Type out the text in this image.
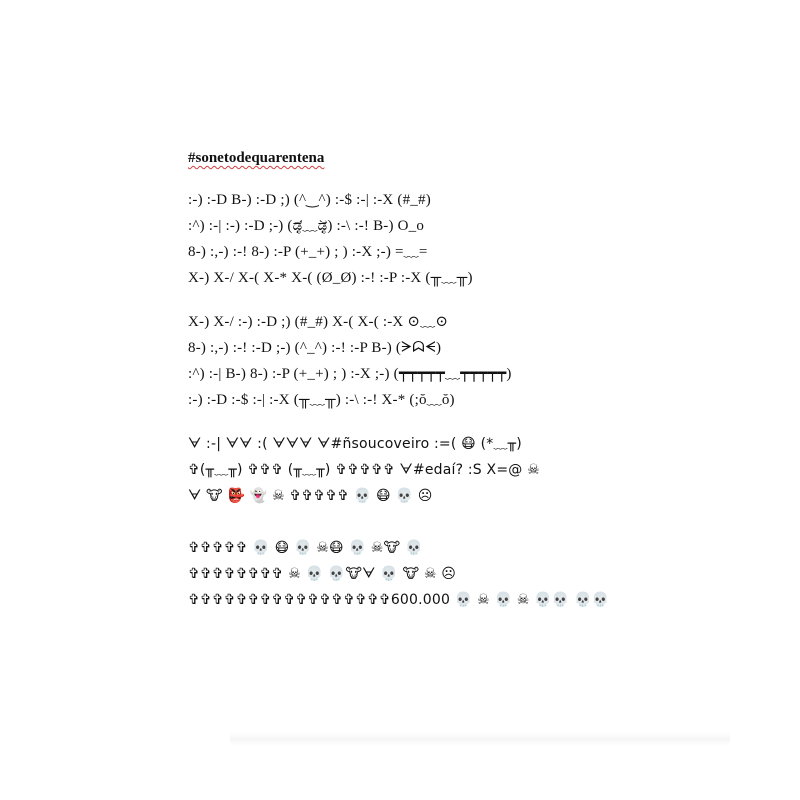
#sonetodequarentena
:-) :-D B-) :-D ;) (^‿^) :-$ :-| :-X (#_#)
:^) :-| :-) :-D ;-) (ಢ̥᷄﹏ಢ̥᷅) :-\ :-! B-) O_o
8-) :,-) :-! 8-) :-P (+_+) ; ) :-X ;-) =﹏=
X-) X-/ X-( X-* X-( (Ø_Ø) :-! :-P :-X (╥﹏╥)
X-) X-/ :-) :-D ;) (#_#) X-( X-( :-X ⊙﹏⊙
8-) :,-) :-! :-D ;-) (^_^) :-! :-P B-) (ᗒᗣᗕ)
:^) :-| B-) 8-) :-P (+_+) ; ) :-X ;-) (┯┯┯┯┯﹏┯┯┯┯┯)
:-) :-D :-$ :-| :-X (╥﹏╥) :-\ :-! X-* (;ŏ﹏ŏ)
ᗄ :-| ᗄᗄ :( ᗄᗄᗄ ᗄ#ñsoucoveiro :=( 😷 (*﹏╥)
✞(╥﹏╥) ✞✞✞ (╥﹏╥) ✞✞✞✞✞ ᗄ#edaí? :S X=@ ☠
ᗄ 🐮 👺 👻 ☠ ✞✞✞✞✞ 💀 😷 💀 ☹
✞✞✞✞✞ 💀 😷 💀 ☠😷 💀 ☠🐮 💀
✞✞✞✞✞✞✞✞ ☠ 💀 💀🐮ᗄ 💀 🐮 ☠ ☹
✞✞✞✞✞✞✞✞✞✞✞✞✞✞✞✞✞600.000 💀 ☠ 💀 ☠ 💀💀 💀💀
